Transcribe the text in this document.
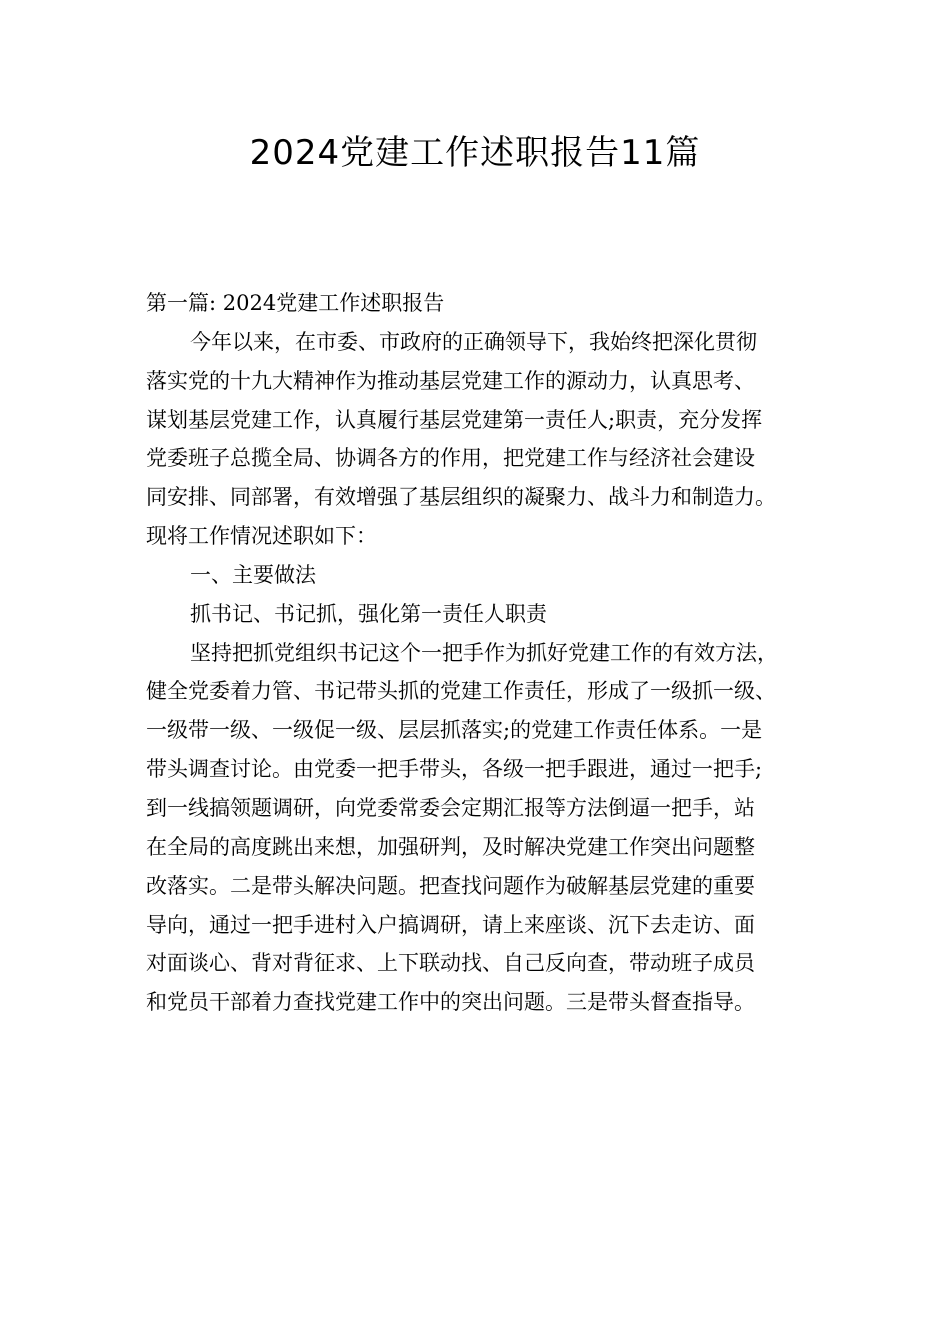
2024党建工作述职报告11篇
第一篇: 2024党建工作述职报告
今年以来，在市委、市政府的正确领导下，我始终把深化贯彻
落实党的十九大精神作为推动基层党建工作的源动力，认真思考、
谋划基层党建工作，认真履行基层党建第一责任人;职责，充分发挥
党委班子总揽全局、协调各方的作用，把党建工作与经济社会建设
同安排、同部署，有效增强了基层组织的凝聚力、战斗力和制造力。
现将工作情况述职如下：
一、主要做法
抓书记、书记抓，强化第一责任人职责
坚持把抓党组织书记这个一把手作为抓好党建工作的有效方法，
健全党委着力管、书记带头抓的党建工作责任，形成了一级抓一级、
一级带一级、一级促一级、层层抓落实;的党建工作责任体系。一是
带头调查讨论。由党委一把手带头，各级一把手跟进，通过一把手;
到一线搞领题调研，向党委常委会定期汇报等方法倒逼一把手，站
在全局的高度跳出来想，加强研判，及时解决党建工作突出问题整
改落实。二是带头解决问题。把查找问题作为破解基层党建的重要
导向，通过一把手进村入户搞调研，请上来座谈、沉下去走访、面
对面谈心、背对背征求、上下联动找、自己反向查，带动班子成员
和党员干部着力查找党建工作中的突出问题。三是带头督查指导。
